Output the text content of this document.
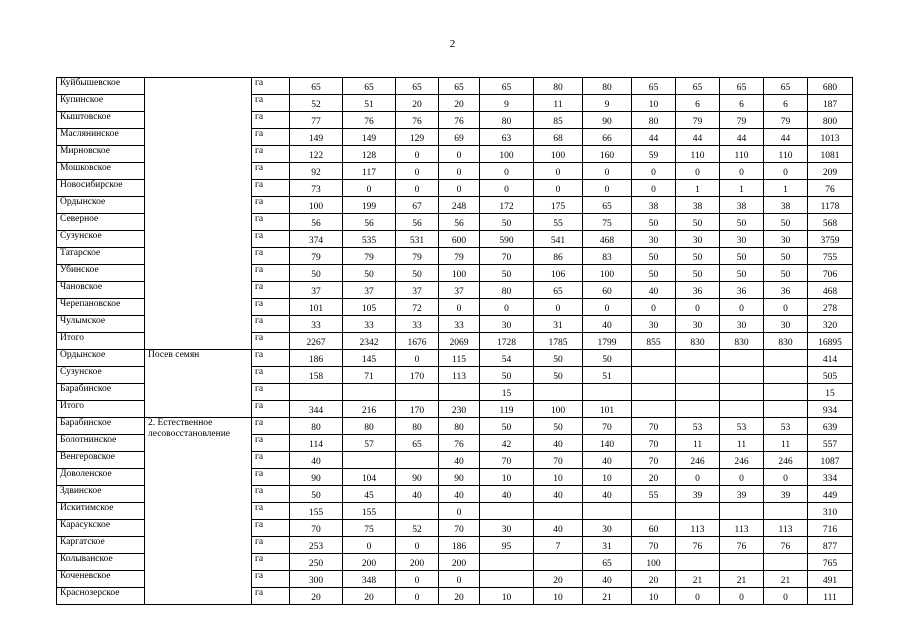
2
Куйбышевское		га	65	65	65	65	65	80	80	65	65	65	65	680
Купинское		га	52	51	20	20	9	11	9	10	6	6	6	187
Кыштовское		га	77	76	76	76	80	85	90	80	79	79	79	800
Маслянинское		га	149	149	129	69	63	68	66	44	44	44	44	1013
Мирновское		га	122	128	0	0	100	100	160	59	110	110	110	1081
Мошковское		га	92	117	0	0	0	0	0	0	0	0	0	209
Новосибирское		га	73	0	0	0	0	0	0	0	1	1	1	76
Ордынское		га	100	199	67	248	172	175	65	38	38	38	38	1178
Северное		га	56	56	56	56	50	55	75	50	50	50	50	568
Сузунское		га	374	535	531	600	590	541	468	30	30	30	30	3759
Татарское		га	79	79	79	79	70	86	83	50	50	50	50	755
Убинское		га	50	50	50	100	50	106	100	50	50	50	50	706
Чановское		га	37	37	37	37	80	65	60	40	36	36	36	468
Черепановское		га	101	105	72	0	0	0	0	0	0	0	0	278
Чулымское		га	33	33	33	33	30	31	40	30	30	30	30	320
Итого		га	2267	2342	1676	2069	1728	1785	1799	855	830	830	830	16895
Ордынское	Посев семян	га	186	145	0	115	54	50	50					414
Сузунское		га	158	71	170	113	50	50	51					505
Барабинское		га					15							15
Итого		га	344	216	170	230	119	100	101					934
Барабинское	2. Естественное лесовосстановление	га	80	80	80	80	50	50	70	70	53	53	53	639
Болотнинское		га	114	57	65	76	42	40	140	70	11	11	11	557
Венгеровское		га	40			40	70	70	40	70	246	246	246	1087
Доволенское		га	90	104	90	90	10	10	10	20	0	0	0	334
Здвинское		га	50	45	40	40	40	40	40	55	39	39	39	449
Искитимское		га	155	155		0								310
Карасукское		га	70	75	52	70	30	40	30	60	113	113	113	716
Каргатское		га	253	0	0	186	95	7	31	70	76	76	76	877
Колыванское		га	250	200	200	200			65	100				765
Коченевское		га	300	348	0	0		20	40	20	21	21	21	491
Краснозерское		га	20	20	0	20	10	10	21	10	0	0	0	111
